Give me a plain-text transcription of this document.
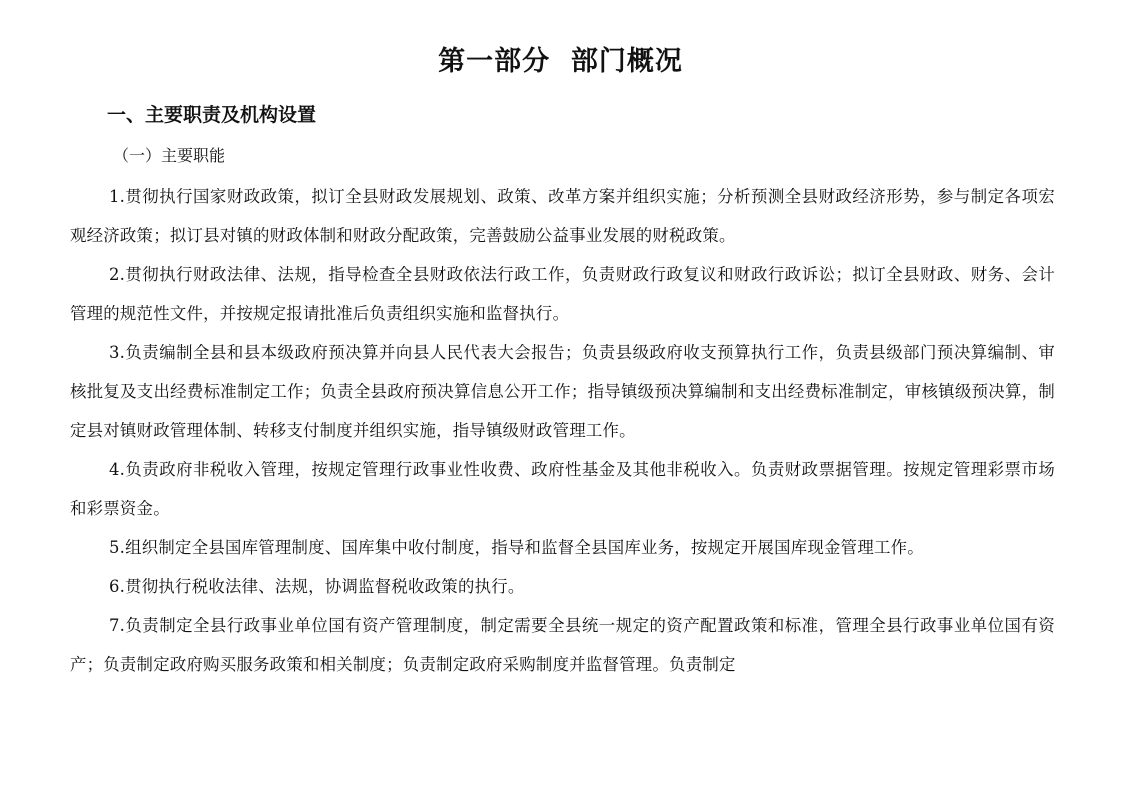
第一部分  部门概况
一、主要职责及机构设置
（一）主要职能

1.贯彻执行国家财政政策，拟订全县财政发展规划、政策、改革方案并组织实施；分析预测全县财政经济形势，参与制定各项宏观经济政策；拟订县对镇的财政体制和财政分配政策，完善鼓励公益事业发展的财税政策。

2.贯彻执行财政法律、法规，指导检查全县财政依法行政工作，负责财政行政复议和财政行政诉讼；拟订全县财政、财务、会计管理的规范性文件，并按规定报请批准后负责组织实施和监督执行。

3.负责编制全县和县本级政府预决算并向县人民代表大会报告；负责县级政府收支预算执行工作，负责县级部门预决算编制、审核批复及支出经费标准制定工作；负责全县政府预决算信息公开工作；指导镇级预决算编制和支出经费标准制定，审核镇级预决算，制定县对镇财政管理体制、转移支付制度并组织实施，指导镇级财政管理工作。

4.负责政府非税收入管理，按规定管理行政事业性收费、政府性基金及其他非税收入。负责财政票据管理。按规定管理彩票市场和彩票资金。

5.组织制定全县国库管理制度、国库集中收付制度，指导和监督全县国库业务，按规定开展国库现金管理工作。

6.贯彻执行税收法律、法规，协调监督税收政策的执行。

7.负责制定全县行政事业单位国有资产管理制度，制定需要全县统一规定的资产配置政策和标准，管理全县行政事业单位国有资产；负责制定政府购买服务政策和相关制度；负责制定政府采购制度并监督管理。负责制定
